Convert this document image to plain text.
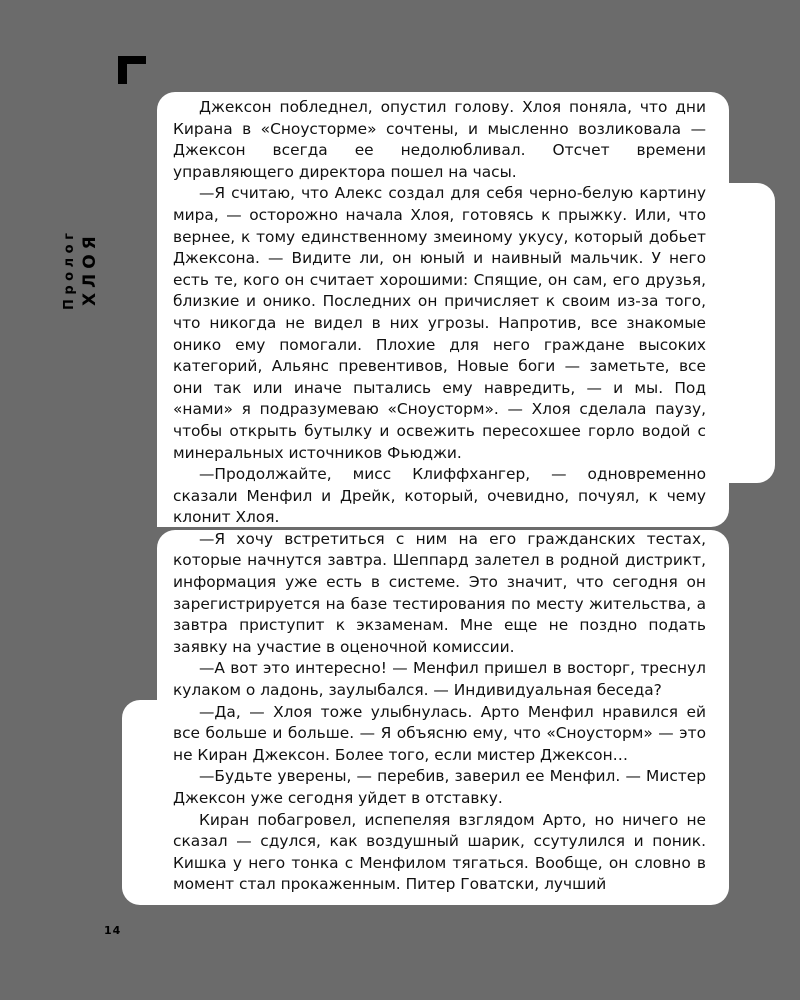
Пролог ХЛОЯ

Джексон побледнел, опустил голову. Хлоя поняла, что дни Кирана в «Сноусторме» сочтены, и мысленно возликовала — Джексон всегда ее недолюбливал. Отсчет времени управляющего директора пошел на часы.

—Я считаю, что Алекс создал для себя черно-белую картину мира, — осторожно начала Хлоя, готовясь к прыжку. Или, что вернее, к тому единственному змеиному укусу, который добьет Джексона. — Видите ли, он юный и наивный мальчик. У него есть те, кого он считает хорошими: Спящие, он сам, его друзья, близкие и онико. Последних он причисляет к своим из-за того, что никогда не видел в них угрозы. Напротив, все знакомые онико ему помогали. Плохие для него граждане высоких категорий, Альянс превентивов, Новые боги — заметьте, все они так или иначе пытались ему навредить, — и мы. Под «нами» я подразумеваю «Сноусторм». — Хлоя сделала паузу, чтобы открыть бутылку и освежить пересохшее горло водой с минеральных источников Фьюджи.

—Продолжайте, мисс Клиффхангер, — одновременно сказали Менфил и Дрейк, который, очевидно, почуял, к чему клонит Хлоя.

—Я хочу встретиться с ним на его гражданских тестах, которые начнутся завтра. Шеппард залетел в родной дистрикт, информация уже есть в системе. Это значит, что сегодня он зарегистрируется на базе тестирования по месту жительства, а завтра приступит к экзаменам. Мне еще не поздно подать заявку на участие в оценочной комиссии.

—А вот это интересно! — Менфил пришел в восторг, треснул кулаком о ладонь, заулыбался. — Индивидуальная беседа?

—Да, — Хлоя тоже улыбнулась. Арто Менфил нравился ей все больше и больше. — Я объясню ему, что «Сноусторм» — это не Киран Джексон. Более того, если мистер Джексон…

—Будьте уверены, — перебив, заверил ее Менфил. — Мистер Джексон уже сегодня уйдет в отставку.

Киран побагровел, испепеляя взглядом Арто, но ничего не сказал — сдулся, как воздушный шарик, ссутулился и поник. Кишка у него тонка с Менфилом тягаться. Вообще, он словно в момент стал прокаженным. Питер Говатски, лучший

14
